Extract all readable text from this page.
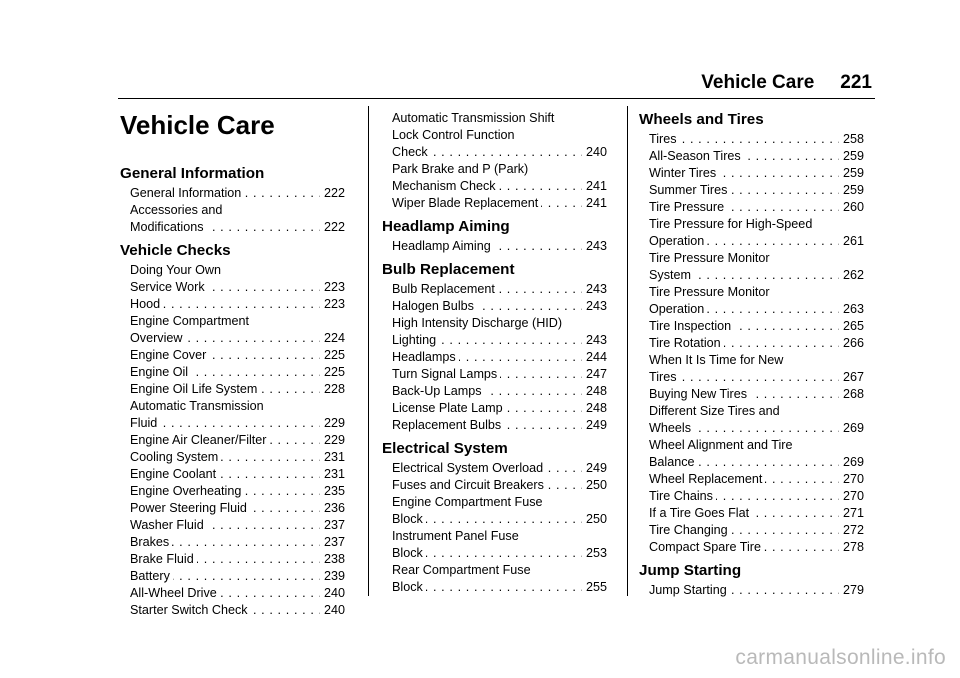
Vehicle Care 221
Vehicle Care
General Information
General Information . . .	222
Accessories and
Modifications . . .	222
Vehicle Checks
Doing Your Own
Service Work . . .	223
Hood . . .	223
Engine Compartment
Overview . . .	224
Engine Cover . . .	225
Engine Oil . . .	225
Engine Oil Life System . . .	228
Automatic Transmission
Fluid . . .	229
Engine Air Cleaner/Filter . . .	229
Cooling System . . .	231
Engine Coolant . . .	231
Engine Overheating . . .	235
Power Steering Fluid . . .	236
Washer Fluid . . .	237
Brakes . . .	237
Brake Fluid . . .	238
Battery . . .	239
All-Wheel Drive . . .	240
Starter Switch Check . . .	240
Automatic Transmission Shift
Lock Control Function
Check . . .	240
Park Brake and P (Park)
Mechanism Check . . .	241
Wiper Blade Replacement . . .	241
Headlamp Aiming
Headlamp Aiming . . .	243
Bulb Replacement
Bulb Replacement . . .	243
Halogen Bulbs . . .	243
High Intensity Discharge (HID)
Lighting . . .	243
Headlamps . . .	244
Turn Signal Lamps . . .	247
Back-Up Lamps . . .	248
License Plate Lamp . . .	248
Replacement Bulbs . . .	249
Electrical System
Electrical System Overload . . .	249
Fuses and Circuit Breakers . . .	250
Engine Compartment Fuse
Block . . .	250
Instrument Panel Fuse
Block . . .	253
Rear Compartment Fuse
Block . . .	255
Wheels and Tires
Tires . . .	258
All-Season Tires . . .	259
Winter Tires . . .	259
Summer Tires . . .	259
Tire Pressure . . .	260
Tire Pressure for High-Speed
Operation . . .	261
Tire Pressure Monitor
System . . .	262
Tire Pressure Monitor
Operation . . .	263
Tire Inspection . . .	265
Tire Rotation . . .	266
When It Is Time for New
Tires . . .	267
Buying New Tires . . .	268
Different Size Tires and
Wheels . . .	269
Wheel Alignment and Tire
Balance . . .	269
Wheel Replacement . . .	270
Tire Chains . . .	270
If a Tire Goes Flat . . .	271
Tire Changing . . .	272
Compact Spare Tire . . .	278
Jump Starting
Jump Starting . . .	279
carmanualsonline.info
